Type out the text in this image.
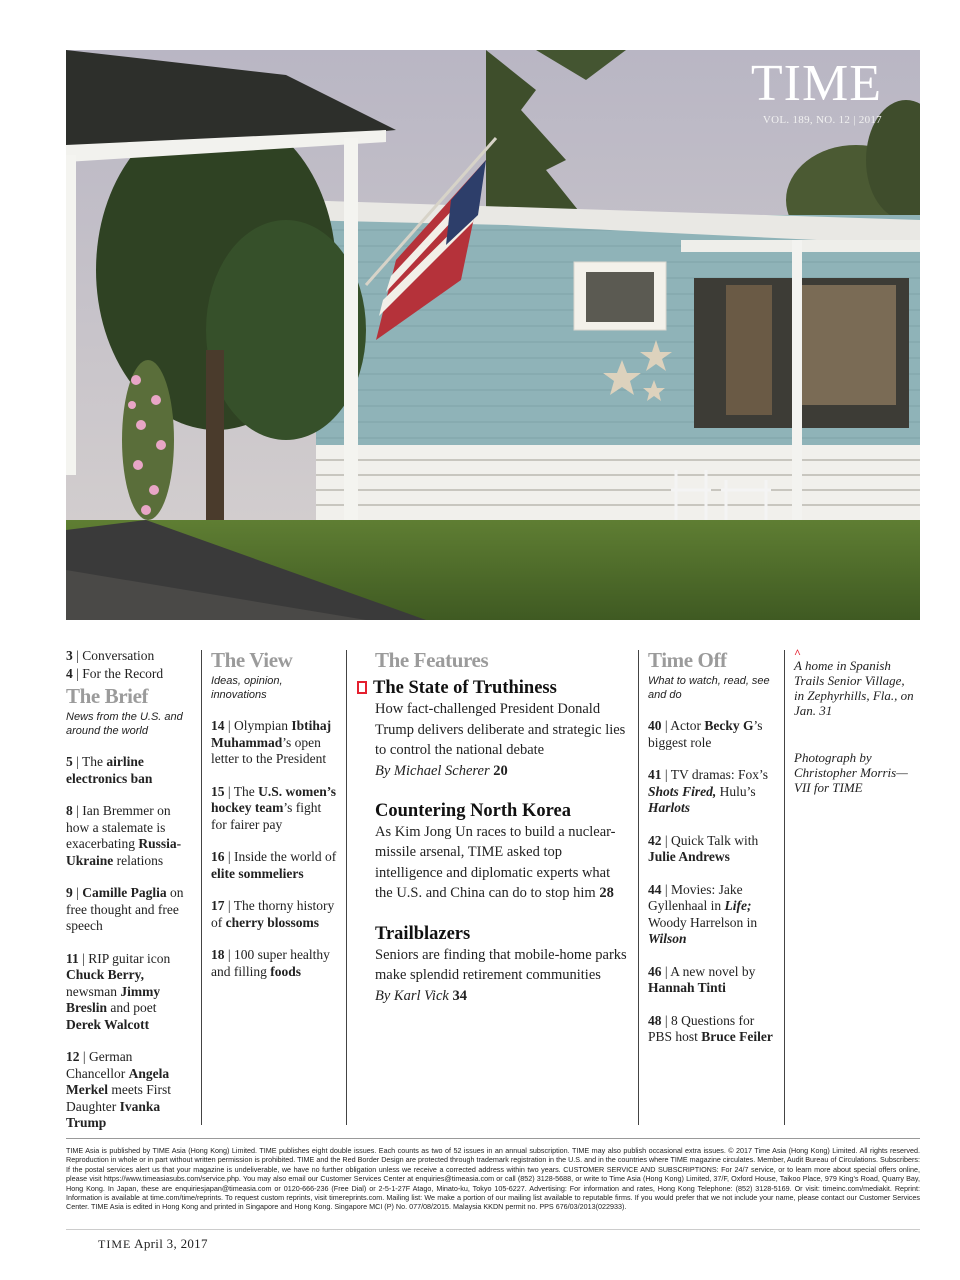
TIME
VOL. 189, NO. 12 | 2017
3 | Conversation
4 | For the Record
The Brief
News from the U.S. and around the world
5 | The airline electronics ban
8 | Ian Bremmer on how a stalemate is exacerbating Russia-Ukraine relations
9 | Camille Paglia on free thought and free speech
11 | RIP guitar icon Chuck Berry, newsman Jimmy Breslin and poet Derek Walcott
12 | German Chancellor Angela Merkel meets First Daughter Ivanka Trump
The View
Ideas, opinion, innovations
14 | Olympian Ibtihaj Muhammad’s open letter to the President
15 | The U.S. women’s hockey team’s fight for fairer pay
16 | Inside the world of elite sommeliers
17 | The thorny history of cherry blossoms
18 | 100 super healthy and filling foods
The Features
The State of Truthiness
How fact-challenged President Donald Trump delivers deliberate and strategic lies to control the national debate
By Michael Scherer 20
Countering North Korea
As Kim Jong Un races to build a nuclear-missile arsenal, TIME asked top intelligence and diplomatic experts what the U.S. and China can do to stop him 28
Trailblazers
Seniors are finding that mobile-home parks make splendid retirement communities
By Karl Vick 34
Time Off
What to watch, read, see and do
40 | Actor Becky G’s biggest role
41 | TV dramas: Fox’s Shots Fired, Hulu’s Harlots
42 | Quick Talk with Julie Andrews
44 | Movies: Jake Gyllenhaal in Life; Woody Harrelson in Wilson
46 | A new novel by Hannah Tinti
48 | 8 Questions for PBS host Bruce Feiler
^
A home in Spanish Trails Senior Village, in Zephyrhills, Fla., on Jan. 31
Photograph by Christopher Morris—VII for TIME
TIME Asia is published by TIME Asia (Hong Kong) Limited. TIME publishes eight double issues. Each counts as two of 52 issues in an annual subscription. TIME may also publish occasional extra issues. © 2017 Time Asia (Hong Kong) Limited. All rights reserved. Reproduction in whole or in part without written permission is prohibited. TIME and the Red Border Design are protected through trademark registration in the U.S. and in the countries where TIME magazine circulates. Member, Audit Bureau of Circulations. Subscribers: If the postal services alert us that your magazine is undeliverable, we have no further obligation unless we receive a corrected address within two years. CUSTOMER SERVICE AND SUBSCRIPTIONS: For 24/7 service, or to learn more about special offers online, please visit https://www.timeasiasubs.com/service.php. You may also email our Customer Services Center at enquiries@timeasia.com or call (852) 3128-5688, or write to Time Asia (Hong Kong) Limited, 37/F, Oxford House, Taikoo Place, 979 King’s Road, Quarry Bay, Hong Kong. In Japan, these are enquiriesjapan@timeasia.com or 0120-666-236 (Free Dial) or 2-5-1-27F Atago, Minato-ku, Tokyo 105-6227. Advertising: For information and rates, Hong Kong Telephone: (852) 3128-5169. Or visit: timeinc.com/mediakit. Reprint: Information is available at time.com/time/reprints. To request custom reprints, visit timereprints.com. Mailing list: We make a portion of our mailing list available to reputable firms. If you would prefer that we not include your name, please contact our Customer Services Center. TIME Asia is edited in Hong Kong and printed in Singapore and Hong Kong. Singapore MCI (P) No. 077/08/2015. Malaysia KKDN permit no. PPS 676/03/2013(022933).
TIME April 3, 2017
